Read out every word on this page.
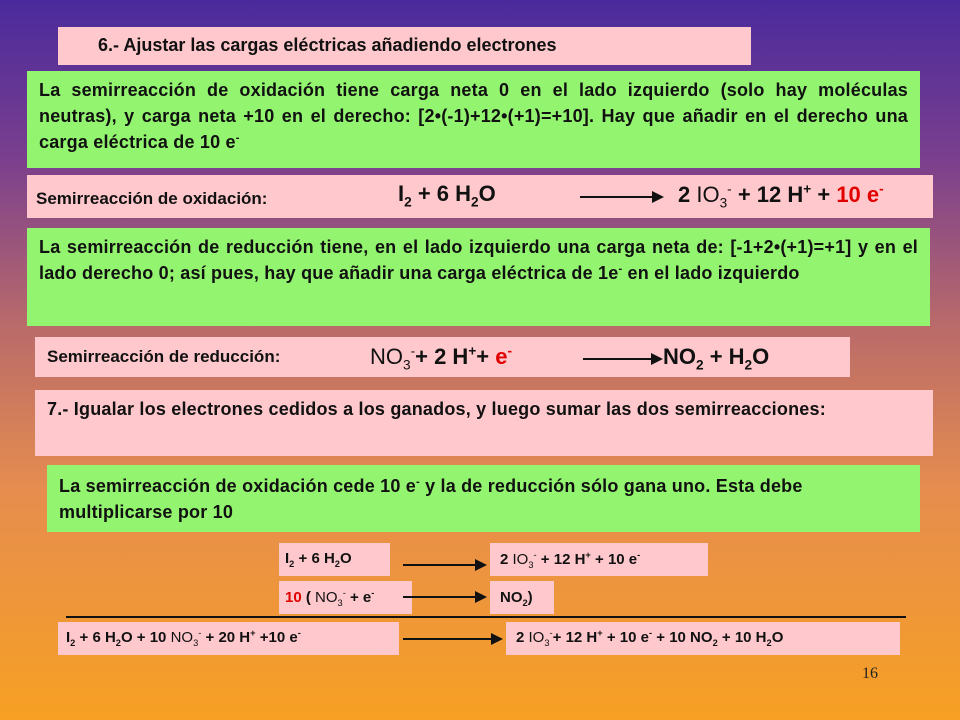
6.- Ajustar las cargas eléctricas añadiendo electrones
La semirreacción de oxidación tiene carga neta 0 en el lado izquierdo (solo hay moléculas neutras), y carga neta +10 en el derecho: [2•(-1)+12•(+1)=+10]. Hay que añadir en el derecho una carga eléctrica de 10 e-
Semirreacción de oxidación:	$I_2 + 6$ $H_2O$	2 $IO_3^- + 12$ H+ + 10 e-
La semirreacción de reducción tiene, en el lado izquierdo una carga neta de: [-1+2•(+1)=+1] y en el lado derecho 0; así pues, hay que añadir una carga eléctrica de 1e- en el lado izquierdo
Semirreacción de reducción:	$NO_3^-+ 2$ H++ e-	$NO_2 + H_2O$
7.- Igualar los electrones cedidos a los ganados, y luego sumar las dos semirreacciones:
La semirreacción de oxidación cede 10 e- y la de reducción sólo gana uno. Esta debe multiplicarse por 10
$I_2 + 6$ $H_2O$	2 $IO_3^- + 12$ H+ + 10 e-
10 ( $NO_3^- + e^-$	$NO_2$)
$I_2 + 6$ $H_2O + 10$ $NO_3^- + 20$ H+ +10 e-	2 $IO_3^-+ 12$ H+ + 10 e- + 10 $NO_2 + 10$ $H_2O$
16
